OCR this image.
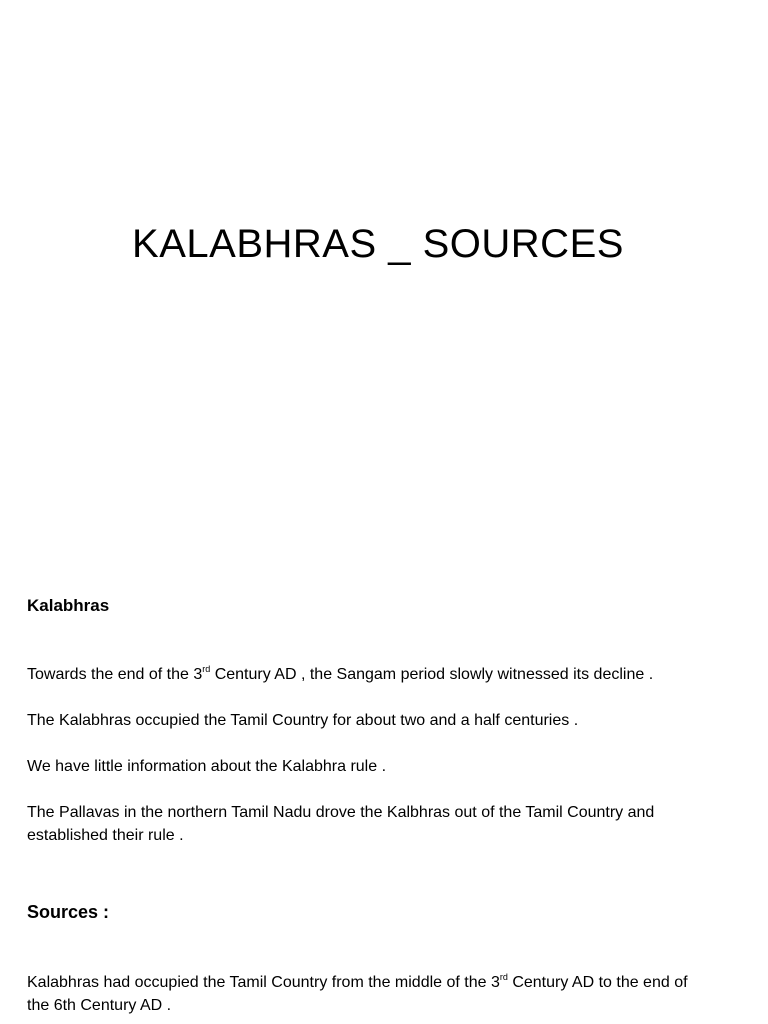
KALABHRAS _ SOURCES
Kalabhras

Towards the end of the 3rd Century AD , the Sangam period slowly witnessed its decline .

The Kalabhras occupied the Tamil Country for about two and a half centuries .

We have little information about the Kalabhra rule .

The Pallavas in the northern Tamil Nadu drove the Kalbhras out of the Tamil Country and established their rule .

Sources :

Kalabhras had occupied the Tamil Country from the middle of the 3rd Century AD to the end of the 6th Century AD .
